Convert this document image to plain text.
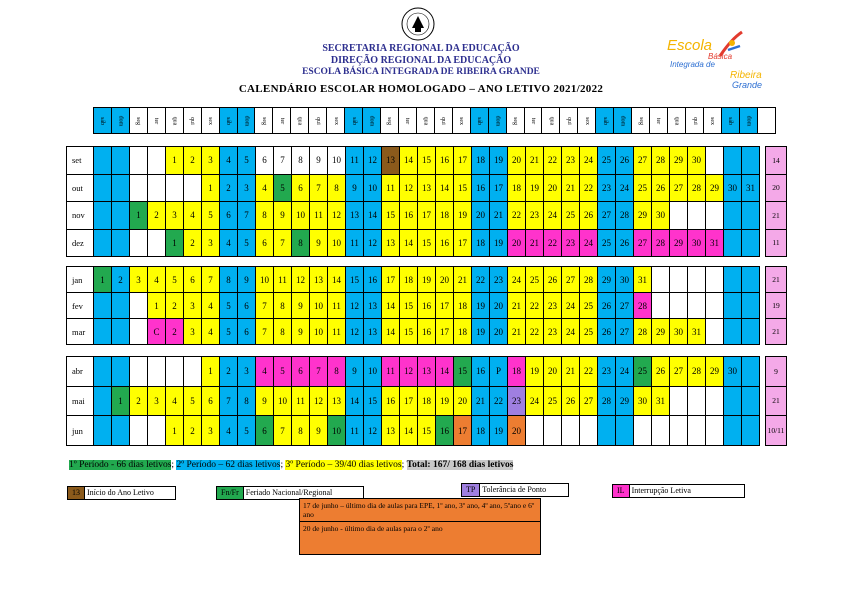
SECRETARIA REGIONAL DA EDUCAÇÃO
DIREÇÃO REGIONAL DA EDUCAÇÃO
ESCOLA BÁSICA INTEGRADA DE RIBEIRA GRANDE
CALENDÁRIO ESCOLAR HOMOLOGADO – ANO LETIVO 2021/2022
Escola
Básica
Integrada de
Ribeira
Grande
sáb	dom	seg	ter	qua	qui	sex	sáb	dom	seg	ter	qua	qui	sex	sáb	dom	seg	ter	qua	qui	sex	sáb	dom	seg	ter	qua	qui	sex	sáb	dom	seg	ter	qua	qui	sex	sáb	dom	
set					1	2	3	4	5	6	7	8	9	10	11	12	13	14	15	16	17	18	19	20	21	22	23	24	25	26	27	28	29	30					14
out							1	2	3	4	5	6	7	8	9	10	11	12	13	14	15	16	17	18	19	20	21	22	23	24	25	26	27	28	29	30	31		20
nov			1	2	3	4	5	6	7	8	9	10	11	12	13	14	15	16	17	18	19	20	21	22	23	24	25	26	27	28	29	30							21
dez					1	2	3	4	5	6	7	8	9	10	11	12	13	14	15	16	17	18	19	20	21	22	23	24	25	26	27	28	29	30	31				11
jan	1	2	3	4	5	6	7	8	9	10	11	12	13	14	15	16	17	18	19	20	21	22	23	24	25	26	27	28	29	30	31								21
fev				1	2	3	4	5	6	7	8	9	10	11	12	13	14	15	16	17	18	19	20	21	22	23	24	25	26	27	28								19
mar				C	2	3	4	5	6	7	8	9	10	11	12	13	14	15	16	17	18	19	20	21	22	23	24	25	26	27	28	29	30	31					21
abr							1	2	3	4	5	6	7	8	9	10	11	12	13	14	15	16	P	18	19	20	21	22	23	24	25	26	27	28	29	30			9
mai		1	2	3	4	5	6	7	8	9	10	11	12	13	14	15	16	17	18	19	20	21	22	23	24	25	26	27	28	29	30	31							21
jun					1	2	3	4	5	6	7	8	9	10	11	12	13	14	15	16	17	18	19	20															10/11
1º Período - 66 dias letivos; 2º Período – 62 dias letivos; 3º Período – 39/40 dias letivos; Total: 167/ 168 dias letivos
13 Início do Ano Letivo	Fn/Fr Feriado Nacional/Regional	TP Tolerância de Ponto	IL Interrupção Letiva
17 de junho – último dia de aulas para EPE, 1º ano, 3º ano, 4º ano, 5ºano e 6º ano
20 de junho - último dia de aulas para o 2º ano
